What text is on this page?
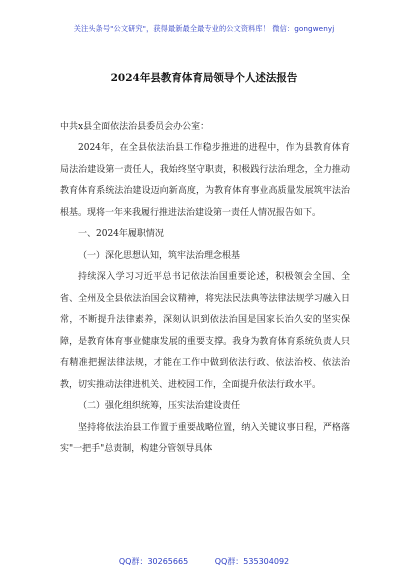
关注头条号"公文研究"，获得最新最全最专业的公文资料库！ 微信：gongwenyj
2024年县教育体育局领导个人述法报告
中共x县全面依法治县委员会办公室：

2024年，在全县依法治县工作稳步推进的进程中，作为县教育体育局法治建设第一责任人，我始终坚守职责，积极践行法治理念，全力推动教育体育系统法治建设迈向新高度，为教育体育事业高质量发展筑牢法治根基。现将一年来我履行推进法治建设第一责任人情况报告如下。

一、2024年履职情况

（一）深化思想认知，筑牢法治理念根基

持续深入学习习近平总书记依法治国重要论述，积极领会全国、全省、全州及全县依法治国会议精神，将宪法民法典等法律法规学习融入日常，不断提升法律素养，深刻认识到依法治国是国家长治久安的坚实保障，是教育体育事业健康发展的重要支撑。我身为教育体育系统负责人只有精准把握法律法规，才能在工作中做到依法行政、依法治校、依法治教，切实推动法律进机关、进校园工作，全面提升依法行政水平。

（二）强化组织统筹，压实法治建设责任

坚持将依法治县工作置于重要战略位置，纳入关键议事日程，严格落实"一把手"总责制，构建分管领导具体

QQ群：30265665	QQ群：535304092
